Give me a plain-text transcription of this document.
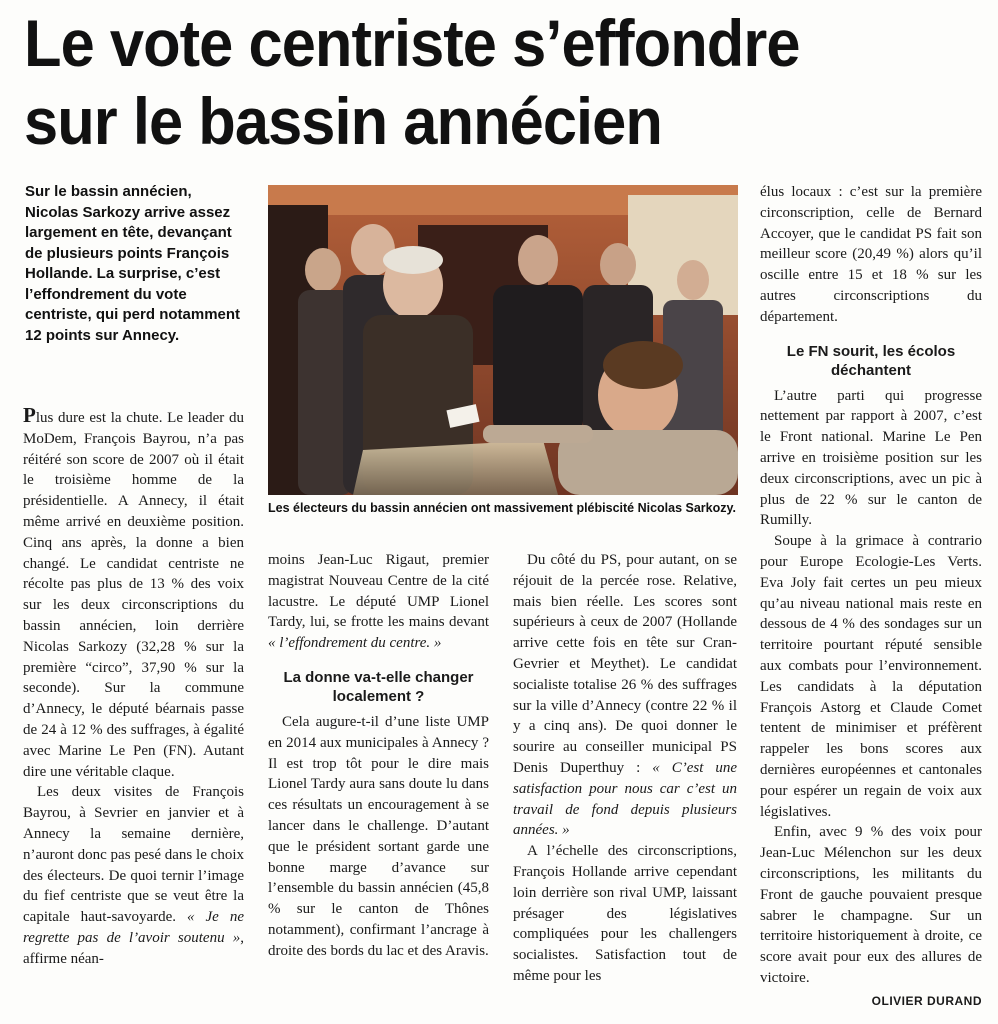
Le vote centriste s’effondre
sur le bassin annécien
Sur le bassin annécien, Nicolas Sarkozy arrive assez largement en tête, devançant de plusieurs points François Hollande. La surprise, c’est l’effondrement du vote centriste, qui perd notamment 12 points sur Annecy.
Les électeurs du bassin annécien ont massivement plébiscité Nicolas Sarkozy.

Plus dure est la chute. Le leader du MoDem, François Bayrou, n’a pas réitéré son score de 2007 où il était le troisième homme de la présidentielle. A Annecy, il était même arrivé en deuxième position. Cinq ans après, la donne a bien changé. Le candidat centriste ne récolte pas plus de 13 % des voix sur les deux circonscriptions du bassin annécien, loin derrière Nicolas Sarkozy (32,28 % sur la première “circo”, 37,90 % sur la seconde). Sur la commune d’Annecy, le député béarnais passe de 24 à 12 % des suffrages, à égalité avec Marine Le Pen (FN). Autant dire une véritable claque.

Les deux visites de François Bayrou, à Sevrier en janvier et à Annecy la semaine dernière, n’auront donc pas pesé dans le choix des électeurs. De quoi ternir l’image du fief centriste que se veut être la capitale haut-savoyarde. « Je ne regrette pas de l’avoir soutenu », affirme néan-

moins Jean-Luc Rigaut, premier magistrat Nouveau Centre de la cité lacustre. Le député UMP Lionel Tardy, lui, se frotte les mains devant « l’effondrement du centre. »

La donne va-t-elle changer localement ?

Cela augure-t-il d’une liste UMP en 2014 aux municipales à Annecy ? Il est trop tôt pour le dire mais Lionel Tardy aura sans doute lu dans ces résultats un encouragement à se lancer dans le challenge. D’autant que le président sortant garde une bonne marge d’avance sur l’ensemble du bassin annécien (45,8 % sur le canton de Thônes notamment), confirmant l’ancrage à droite des bords du lac et des Aravis.

Du côté du PS, pour autant, on se réjouit de la percée rose. Relative, mais bien réelle. Les scores sont supérieurs à ceux de 2007 (Hollande arrive cette fois en tête sur Cran-Gevrier et Meythet). Le candidat socialiste totalise 26 % des suffrages sur la ville d’Annecy (contre 22 % il y a cinq ans). De quoi donner le sourire au conseiller municipal PS Denis Duperthuy : « C’est une satisfaction pour nous car c’est un travail de fond depuis plusieurs années. »

A l’échelle des circonscriptions, François Hollande arrive cependant loin derrière son rival UMP, laissant présager des législatives compliquées pour les challengers socialistes. Satisfaction tout de même pour les

élus locaux : c’est sur la première circonscription, celle de Bernard Accoyer, que le candidat PS fait son meilleur score (20,49 %) alors qu’il oscille entre 15 et 18 % sur les autres circonscriptions du département.

Le FN sourit, les écolos déchantent

L’autre parti qui progresse nettement par rapport à 2007, c’est le Front national. Marine Le Pen arrive en troisième position sur les deux circonscriptions, avec un pic à plus de 22 % sur le canton de Rumilly.

Soupe à la grimace à contrario pour Europe Ecologie-Les Verts. Eva Joly fait certes un peu mieux qu’au niveau national mais reste en dessous de 4 % des sondages sur un territoire pourtant réputé sensible aux combats pour l’environnement. Les candidats à la députation François Astorg et Claude Comet tentent de minimiser et préfèrent rappeler les bons scores aux dernières européennes et cantonales pour espérer un regain de voix aux législatives.

Enfin, avec 9 % des voix pour Jean-Luc Mélenchon sur les deux circonscriptions, les militants du Front de gauche pouvaient presque sabrer le champagne. Sur un territoire historiquement à droite, ce score avait pour eux des allures de victoire.

OLIVIER DURAND
